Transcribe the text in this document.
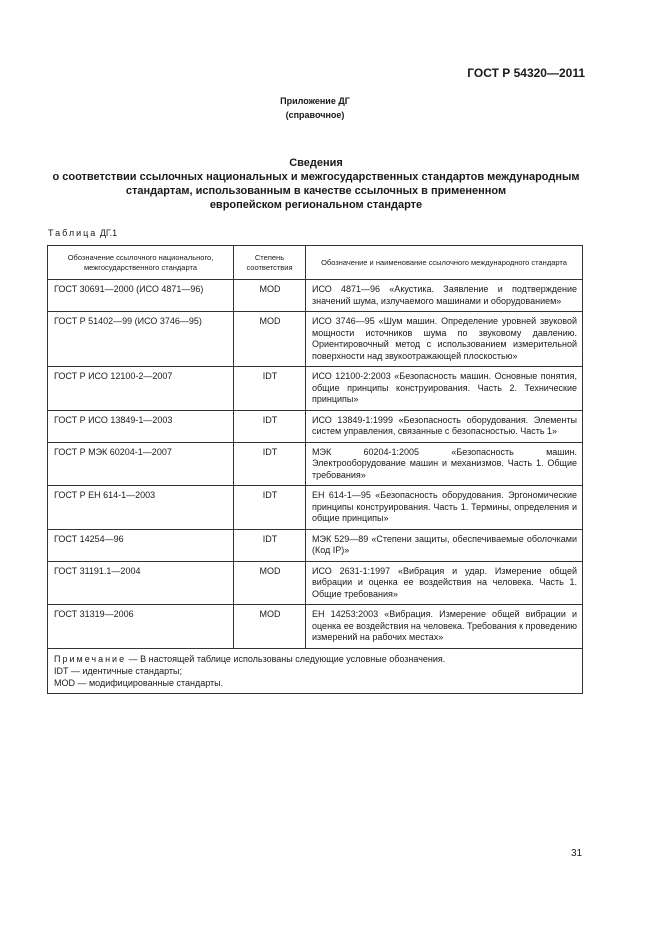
ГОСТ Р 54320—2011
Приложение ДГ
(справочное)
Сведения
о соответствии ссылочных национальных и межгосударственных стандартов международным
стандартам, использованным в качестве ссылочных в примененном
европейском региональном стандарте
Таблица ДГ.1
Обозначение ссылочного национального, межгосударственного стандарта	Степень соответствия	Обозначение и наименование ссылочного международного стандарта
ГОСТ 30691—2000 (ИСО 4871—96)	MOD	ИСО 4871—96 «Акустика. Заявление и подтверждение значений шума, излучаемого машинами и оборудованием»
ГОСТ Р 51402—99 (ИСО 3746—95)	MOD	ИСО 3746—95 «Шум машин. Определение уровней звуковой мощности источников шума по звуковому давлению. Ориентировочный метод с использованием измерительной поверхности над звукоотражающей плоскостью»
ГОСТ Р ИСО 12100-2—2007	IDT	ИСО 12100-2:2003 «Безопасность машин. Основные понятия, общие принципы конструирования. Часть 2. Технические принципы»
ГОСТ Р ИСО 13849-1—2003	IDT	ИСО 13849-1:1999 «Безопасность оборудования. Элементы систем управления, связанные с безопасностью. Часть 1»
ГОСТ Р МЭК 60204-1—2007	IDT	МЭК 60204-1:2005 «Безопасность машин. Электрооборудование машин и механизмов. Часть 1. Общие требования»
ГОСТ Р ЕН 614-1—2003	IDT	ЕН 614-1—95 «Безопасность оборудования. Эргономические принципы конструирования. Часть 1. Термины, определения и общие принципы»
ГОСТ 14254—96	IDT	МЭК 529—89 «Степени защиты, обеспечиваемые оболочками (Код IP)»
ГОСТ 31191.1—2004	MOD	ИСО 2631-1:1997 «Вибрация и удар. Измерение общей вибрации и оценка ее воздействия на человека. Часть 1. Общие требования»
ГОСТ 31319—2006	MOD	ЕН 14253:2003 «Вибрация. Измерение общей вибрации и оценка ее воздействия на человека. Требования к проведению измерений на рабочих местах»

Примечание — В настоящей таблице использованы следующие условные обозначения.
IDT — идентичные стандарты;
MOD — модифицированные стандарты.		
31
